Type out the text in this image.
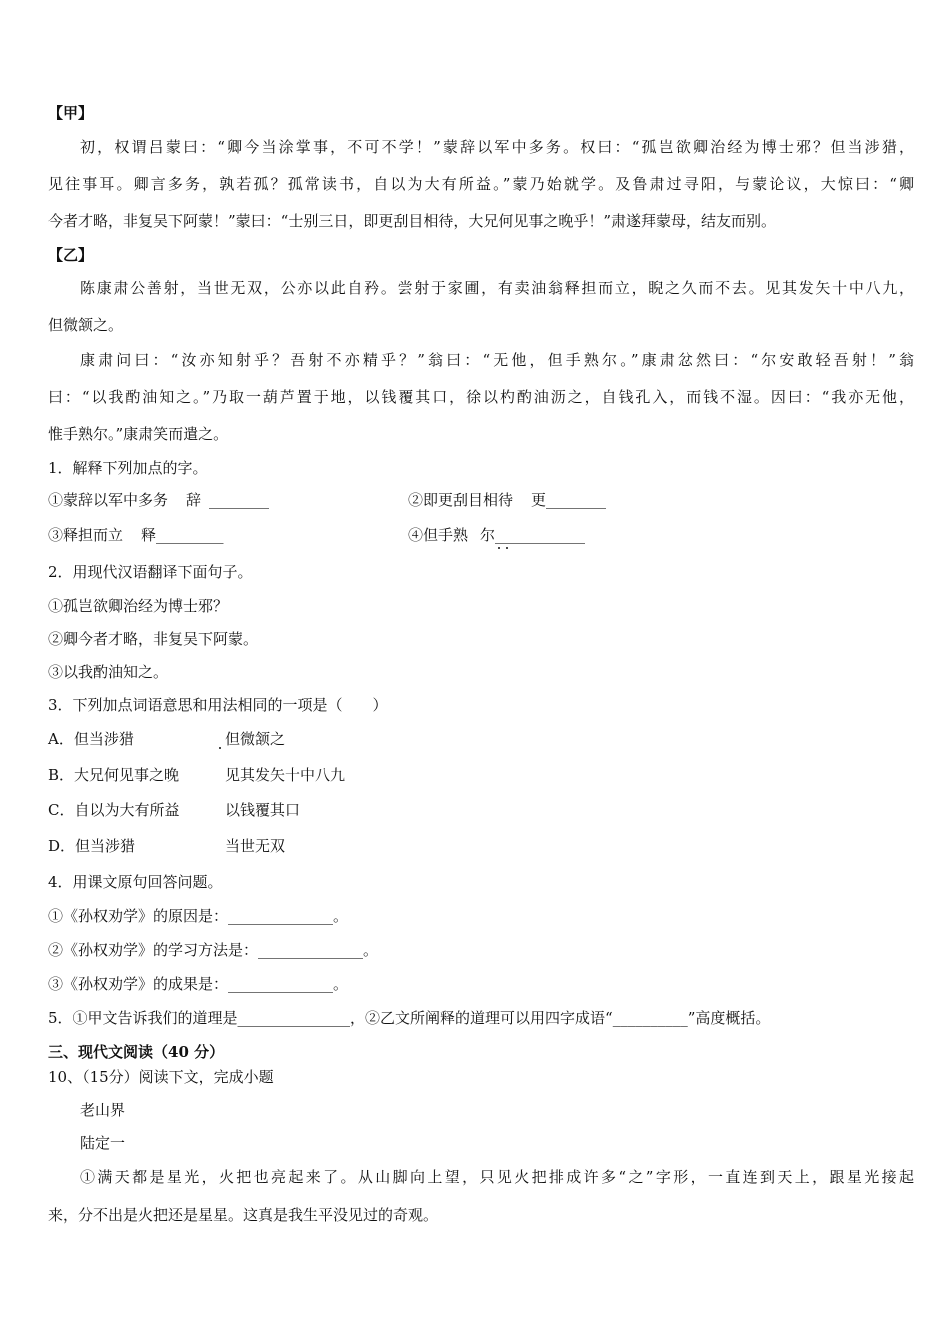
【甲】
初，权谓吕蒙曰：“卿今当涂掌事，不可不学！”蒙辞以军中多务。权曰：“孤岂欲卿治经为博士邪？但当涉猎，
见往事耳。卿言多务，孰若孤？孤常读书，自以为大有所益。”蒙乃始就学。及鲁肃过寻阳，与蒙论议，大惊曰：“卿
今者才略，非复吴下阿蒙！”蒙曰：“士别三日，即更刮目相待，大兄何见事之晚乎！”肃遂拜蒙母，结友而别。
【乙】
陈康肃公善射，当世无双，公亦以此自矜。尝射于家圃，有卖油翁释担而立，睨之久而不去。见其发矢十中八九，
但微颔之。
康肃问曰：“汝亦知射乎？吾射不亦精乎？”翁曰：“无他，但手熟尔。”康肃忿然曰：“尔安敢轻吾射！”翁
曰：“以我酌油知之。”乃取一葫芦置于地，以钱覆其口，徐以杓酌油沥之，自钱孔入，而钱不湿。因曰：“我亦无他，
惟手熟尔。”康肃笑而遣之。
1．解释下列加点的字。
①蒙辞以军中多务 辞 ________	②即更刮目相待 更________
③释担而立 释_________	④但手熟 尔____________
2．用现代汉语翻译下面句子。
①孤岂欲卿治经为博士邪？
②卿今者才略，非复吴下阿蒙。
③以我酌油知之。
3．下列加点词语意思和用法相同的一项是（　　）
A．但当涉猎	但微颔之
B．大兄何见事之晚	见其发矢十中八九
C．自以为大有所益	以钱覆其口
D．但当涉猎	当世无双
4．用课文原句回答问题。
①《孙权劝学》的原因是：______________。
②《孙权劝学》的学习方法是：______________。
③《孙权劝学》的成果是：______________。
5．①甲文告诉我们的道理是_______________，②乙文所阐释的道理可以用四字成语“__________”高度概括。
三、现代文阅读（40 分）
10、（15分）阅读下文，完成小题
老山界
陆定一
①满天都是星光，火把也亮起来了。从山脚向上望，只见火把排成许多“之”字形，一直连到天上，跟星光接起
来，分不出是火把还是星星。这真是我生平没见过的奇观。
